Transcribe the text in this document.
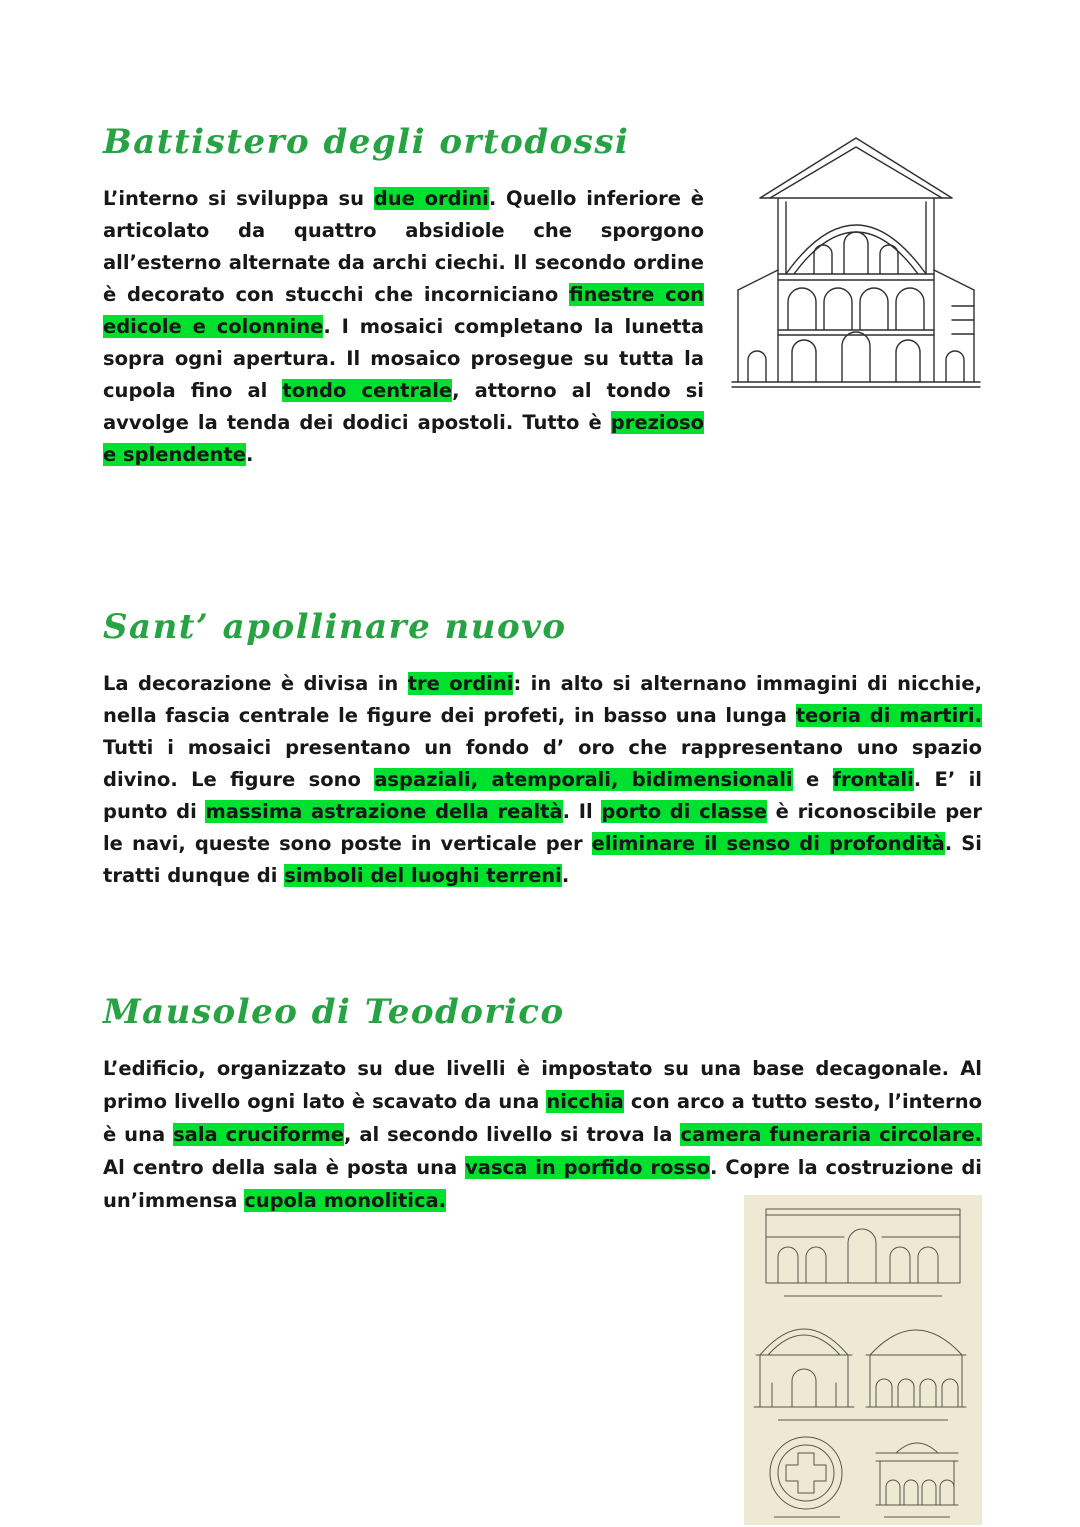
Battistero degli ortodossi

L’interno si sviluppa su due ordini. Quello inferiore è articolato da quattro absidiole che sporgono all’esterno alternate da archi ciechi. Il secondo ordine è decorato con stucchi che incorniciano finestre con edicole e colonnine. I mosaici completano la lunetta sopra ogni apertura. Il mosaico prosegue su tutta la cupola fino al tondo centrale, attorno al tondo si avvolge la tenda dei dodici apostoli. Tutto è prezioso e splendente.

Sant’ apollinare nuovo

La decorazione è divisa in tre ordini: in alto si alternano immagini di nicchie, nella fascia centrale le figure dei profeti, in basso una lunga teoria di martiri. Tutti i mosaici presentano un fondo d’ oro che rappresentano uno spazio divino. Le figure sono aspaziali, atemporali, bidimensionali e frontali. E’ il punto di massima astrazione della realtà. Il porto di classe è riconoscibile per le navi, queste sono poste in verticale per eliminare il senso di profondità. Si tratti dunque di simboli del luoghi terreni.

Mausoleo di Teodorico

L’edificio, organizzato su due livelli è impostato su una base decagonale. Al primo livello ogni lato è scavato da una nicchia con arco a tutto sesto, l’interno è una sala cruciforme, al secondo livello si trova la camera funeraria circolare. Al centro della sala è posta una vasca in porfido rosso. Copre la costruzione di un’immensa cupola monolitica.
